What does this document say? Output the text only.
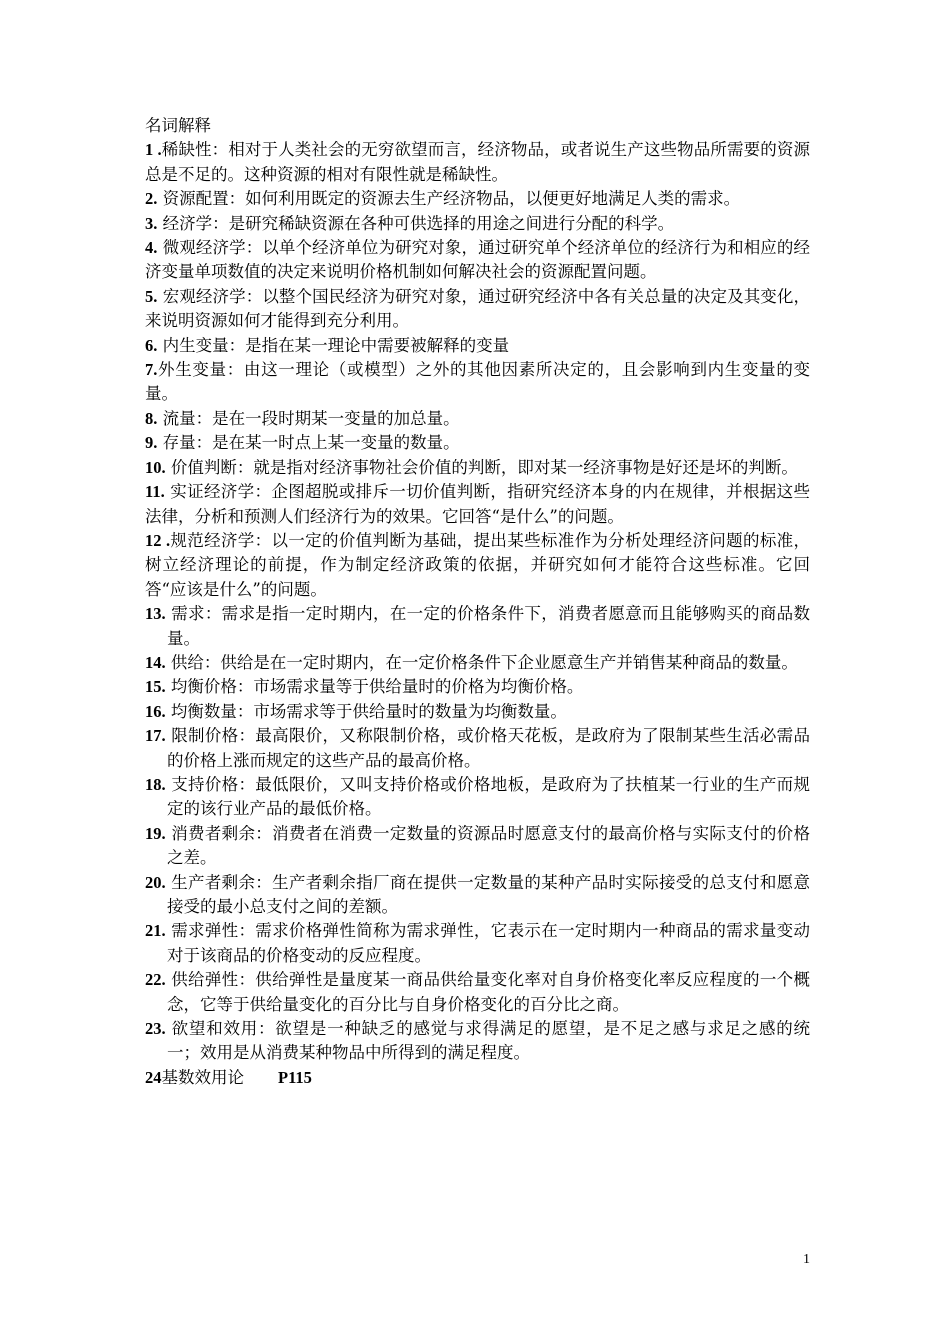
名词解释
1 .稀缺性：相对于人类社会的无穷欲望而言，经济物品，或者说生产这些物品所需要的资源总是不足的。这种资源的相对有限性就是稀缺性。
2. 资源配置：如何利用既定的资源去生产经济物品，以便更好地满足人类的需求。
3. 经济学：是研究稀缺资源在各种可供选择的用途之间进行分配的科学。
4. 微观经济学：以单个经济单位为研究对象，通过研究单个经济单位的经济行为和相应的经济变量单项数值的决定来说明价格机制如何解决社会的资源配置问题。
5. 宏观经济学：以整个国民经济为研究对象，通过研究经济中各有关总量的决定及其变化，来说明资源如何才能得到充分利用。
6. 内生变量：是指在某一理论中需要被解释的变量
7.外生变量：由这一理论（或模型）之外的其他因素所决定的，且会影响到内生变量的变量。
8. 流量：是在一段时期某一变量的加总量。
9. 存量：是在某一时点上某一变量的数量。
10. 价值判断：就是指对经济事物社会价值的判断，即对某一经济事物是好还是坏的判断。
11. 实证经济学：企图超脱或排斥一切价值判断，指研究经济本身的内在规律，并根据这些法律，分析和预测人们经济行为的效果。它回答“是什么”的问题。
12 .规范经济学：以一定的价值判断为基础，提出某些标准作为分析处理经济问题的标准，树立经济理论的前提，作为制定经济政策的依据，并研究如何才能符合这些标准。它回答“应该是什么”的问题。
13. 需求：需求是指一定时期内，在一定的价格条件下，消费者愿意而且能够购买的商品数量。
14. 供给：供给是在一定时期内，在一定价格条件下企业愿意生产并销售某种商品的数量。
15. 均衡价格：市场需求量等于供给量时的价格为均衡价格。
16. 均衡数量：市场需求等于供给量时的数量为均衡数量。
17. 限制价格：最高限价，又称限制价格，或价格天花板，是政府为了限制某些生活必需品的价格上涨而规定的这些产品的最高价格。
18. 支持价格：最低限价，又叫支持价格或价格地板，是政府为了扶植某一行业的生产而规定的该行业产品的最低价格。
19. 消费者剩余：消费者在消费一定数量的资源品时愿意支付的最高价格与实际支付的价格之差。
20. 生产者剩余：生产者剩余指厂商在提供一定数量的某种产品时实际接受的总支付和愿意接受的最小总支付之间的差额。
21. 需求弹性：需求价格弹性简称为需求弹性，它表示在一定时期内一种商品的需求量变动对于该商品的价格变动的反应程度。
22. 供给弹性：供给弹性是量度某一商品供给量变化率对自身价格变化率反应程度的一个概念，它等于供给量变化的百分比与自身价格变化的百分比之商。
23. 欲望和效用：欲望是一种缺乏的感觉与求得满足的愿望，是不足之感与求足之感的统一；效用是从消费某种物品中所得到的满足程度。
24基数效用论 P115
1
